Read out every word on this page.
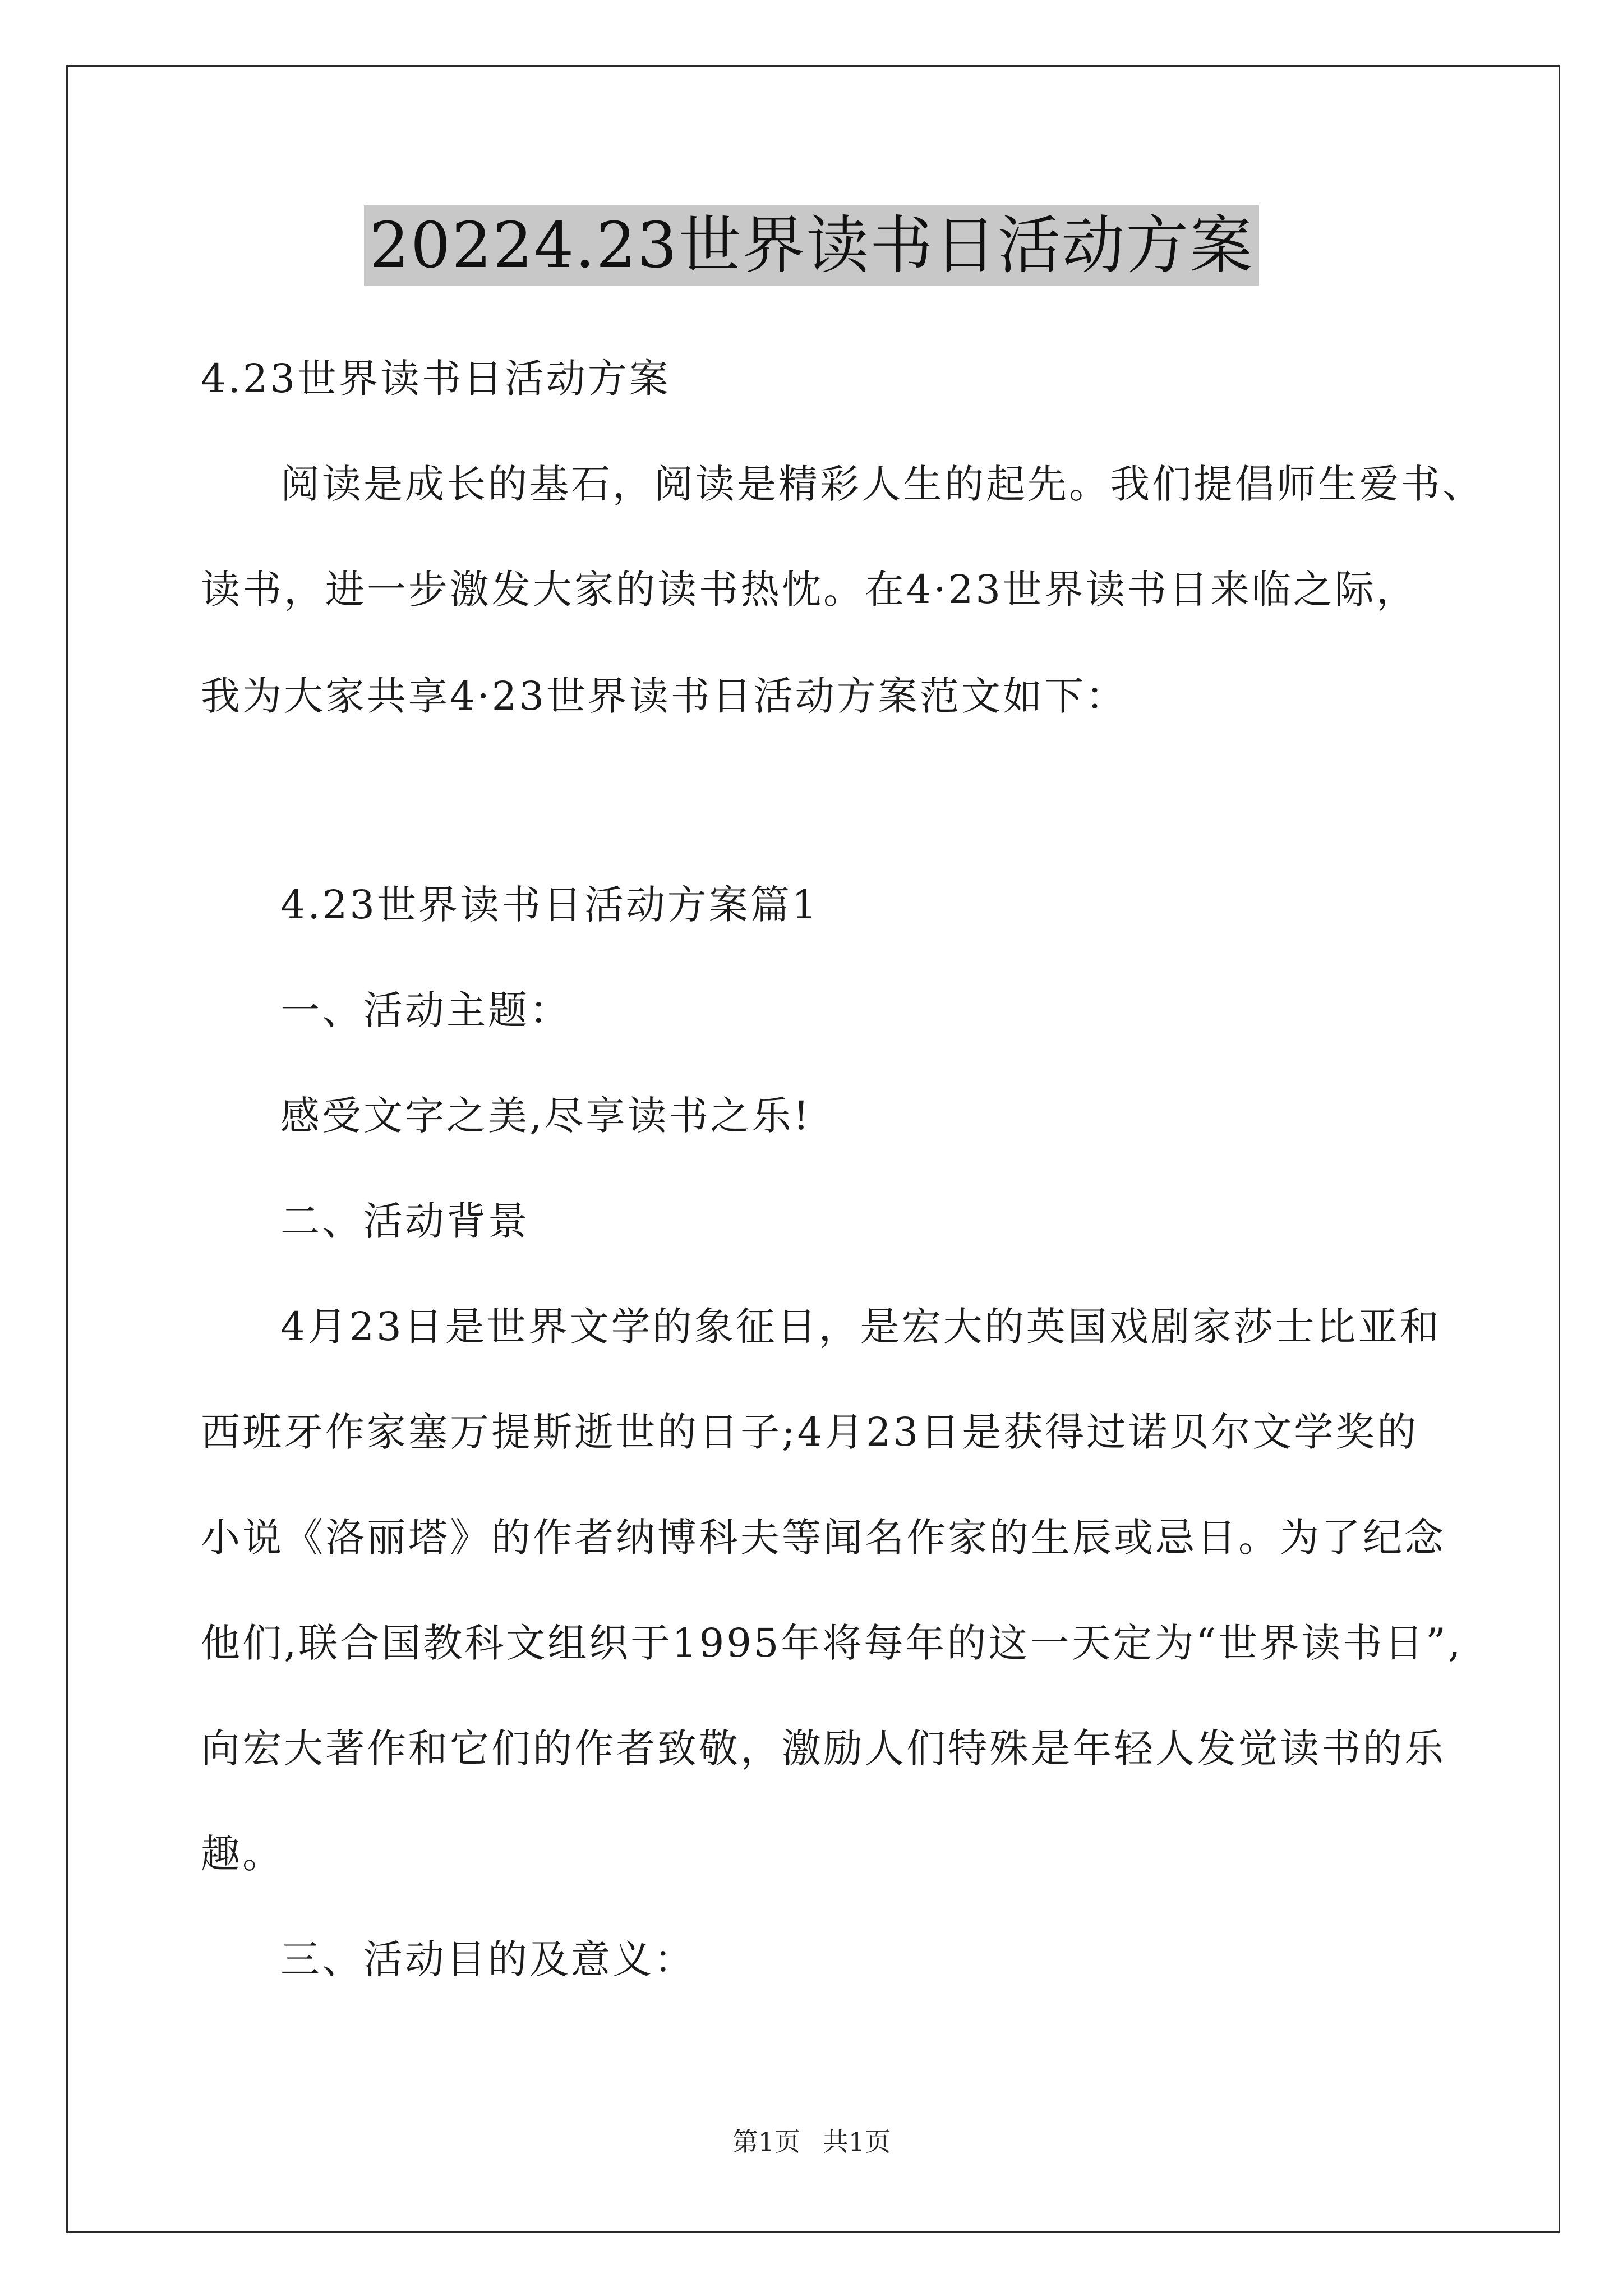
20224.23世界读书日活动方案
4.23世界读书日活动方案
阅读是成长的基石，阅读是精彩人生的起先。我们提倡师生爱书、
读书，进一步激发大家的读书热忱。在4·23世界读书日来临之际，
我为大家共享4·23世界读书日活动方案范文如下：
4.23世界读书日活动方案篇1
一、活动主题：
感受文字之美,尽享读书之乐!
二、活动背景
4月23日是世界文学的象征日，是宏大的英国戏剧家莎士比亚和
西班牙作家塞万提斯逝世的日子;4月23日是获得过诺贝尔文学奖的
小说《洛丽塔》的作者纳博科夫等闻名作家的生辰或忌日。为了纪念
他们,联合国教科文组织于1995年将每年的这一天定为“世界读书日”,
向宏大著作和它们的作者致敬，激励人们特殊是年轻人发觉读书的乐
趣。
三、活动目的及意义：
第1页 共1页
